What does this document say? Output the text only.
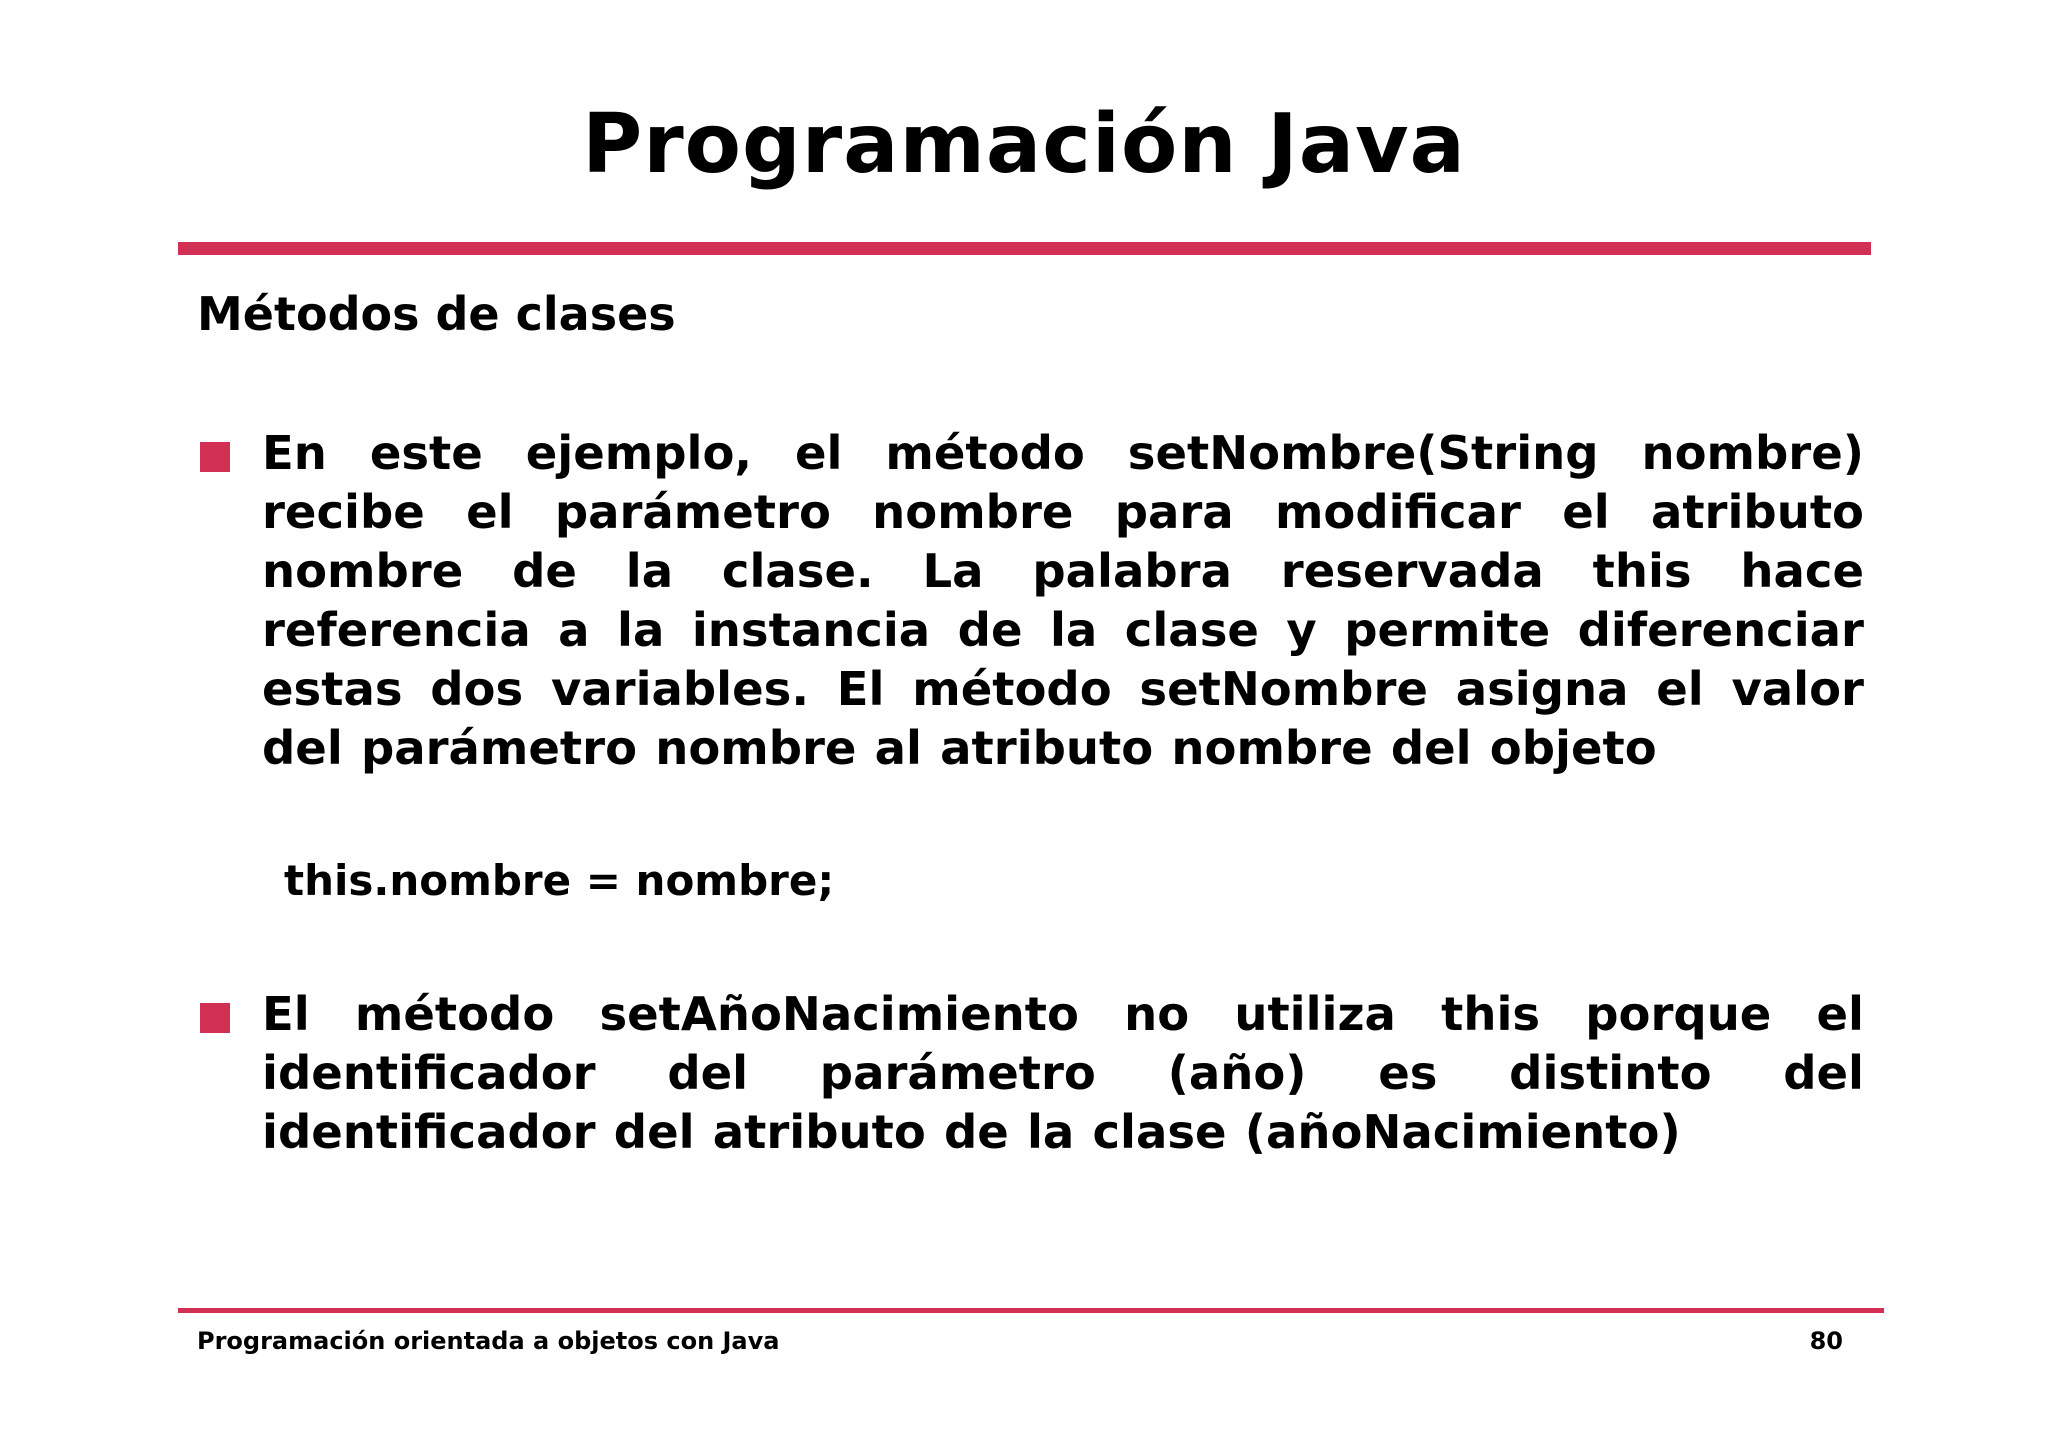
Programación Java
Métodos de clases

En este ejemplo, el método setNombre(String nombre) recibe el parámetro nombre para modificar el atributo nombre de la clase. La palabra reservada this hace referencia a la instancia de la clase y permite diferenciar estas dos variables. El método setNombre asigna el valor del parámetro nombre al atributo nombre del objeto

this.nombre = nombre;

El método setAñoNacimiento no utiliza this porque el identificador del parámetro (año) es distinto del identificador del atributo de la clase (añoNacimiento)

Programación orientada a objetos con Java	80
